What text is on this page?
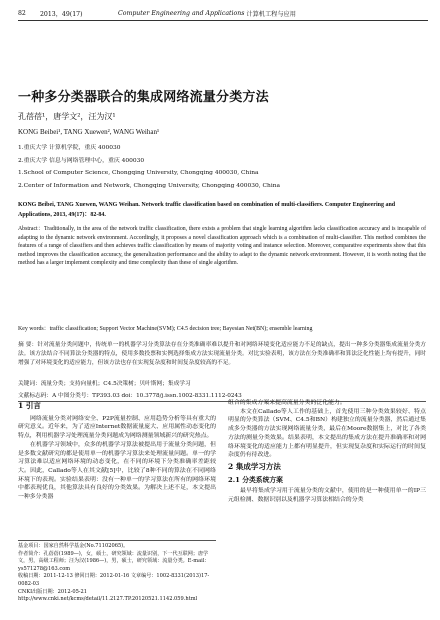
82	2013，49(17)	Computer Engineering and Applications 计算机工程与应用
一种多分类器联合的集成网络流量分类方法
孔蓓蓓¹，唐学文²，汪为汉¹
KONG Beibei¹, TANG Xuewen², WANG Weihan¹
1.重庆大学 计算机学院，重庆 400030
2.重庆大学 信息与网络管理中心，重庆 400030
1.School of Computer Science, Chongqing University, Chongqing 400030, China
2.Center of Information and Network, Chongqing University, Chongqing 400030, China
KONG Beibei, TANG Xuewen, WANG Weihan. Network traffic classification based on combination of multi-classifiers. Computer Engineering and Applications, 2013, 49(17)：82-84.
Abstract：Traditionally, in the area of the network traffic classification, there exists a problem that single learning algorithm lacks classification accuracy and is incapable of adapting to the dynamic network environment. Accordingly, it proposes a novel classification approach which is a combination of multi-classifier. This method combines the features of a range of classifiers and then achieves traffic classification by means of majority voting and instance selection. Moreover, comparative experiments show that this method improves the classification accuracy, the generalization performance and the ability to adapt to the dynamic network environment. However, it is worth noting that the method has a larger implement complexity and time complexity than these of single algorithm.
Key words：traffic classification; Support Vector Machine(SVM); C4.5 decision tree; Bayesian Net(BN); ensemble learning
摘 要：针对流量分类问题中，传统单一的机器学习分类算法存在分类准确率难以提升和对网络环境变化适应能力不足的缺点，提出一种多分类器集成流量分类方法。该方法结合不同算法分类器的特点，使用多数投票和实例选择集成方法实现流量分类。对比实验表明，该方法在分类准确率和算法泛化性能上均有提升，同时增强了对环境变化的适应能力，但该方法也存在实现复杂度和时间复杂度较高的不足。
关键词：流量分类；支持向量机；C4.5决策树；贝叶斯网；集成学习
文献标志码：A 中图分类号：TP393.03 doi：10.3778/j.issn.1002-8331.1112-0243
1 引言

网络流量分类对网络安全、P2P流量控制、应用趋势分析等具有重大的研究意义。近年来，为了适应Internet数据流量庞大、应用属性动态变化的特点，利用机器学习处理流量分类问题成为网络测量领域新兴的研究热点。

在机器学习领域中，众多的机器学习算法被提出用于流量分类问题，但是多数文献研究的都是使用单一的机器学习算法来处理流量问题。单一的学习算法难以适应网络环境的动态变化，在不同的环境下分类准确率差距较大。因此，Callado等人在其文献[5]中，比较了8种不同的算法在不同网络环境下的表现。实验结果表明：没有一种单一的学习算法在所有的网络环境中都表现优良，其他算法具有良好的分类效果。为解决上述不足，本文提出一种多分类器

组合的集成方案来提高流量分类的泛化能力。

本文在Callado等人工作的基础上，首先使用三种分类效果较好、特点明显的分类算法（SVM、C4.5和BN）构建独立的流量分类器，然后通过集成多分类器的方法实现网络流量分类，最后在Moore数据集上，对比了各类方法的测量分类效果。结果表明，本文提出的集成方法在提升准确率和对网络环境变化的适应能力上都有明显提升，但实现复杂度和实际运行的时间复杂度仍有待改进。

2 集成学习方法
2.1 分类系统方案

最早将集成学习用于流量分类的文献中，使用的是一种使用单一的IP三元组检测、数据识别以及机器学习算法相结合的分类

基金项目：国家自然科学基金(No.71102065)。
作者简介：孔蓓蓓(1989—)，女，硕士，研究领域：流量识别，下一代互联网；唐学文，男，高级工程师；汪为汉(1986—)，男，硕士，研究领域：流量分类。E-mail：ys571278@163.com
收稿日期：2011-12-13 修回日期：2012-01-16 文章编号：1002-8331(2013)17-0082-03
CNKI出版日期：2012-05-21 http://www.cnki.net/kcms/detail/11.2127.TP.20120521.1142.059.html
